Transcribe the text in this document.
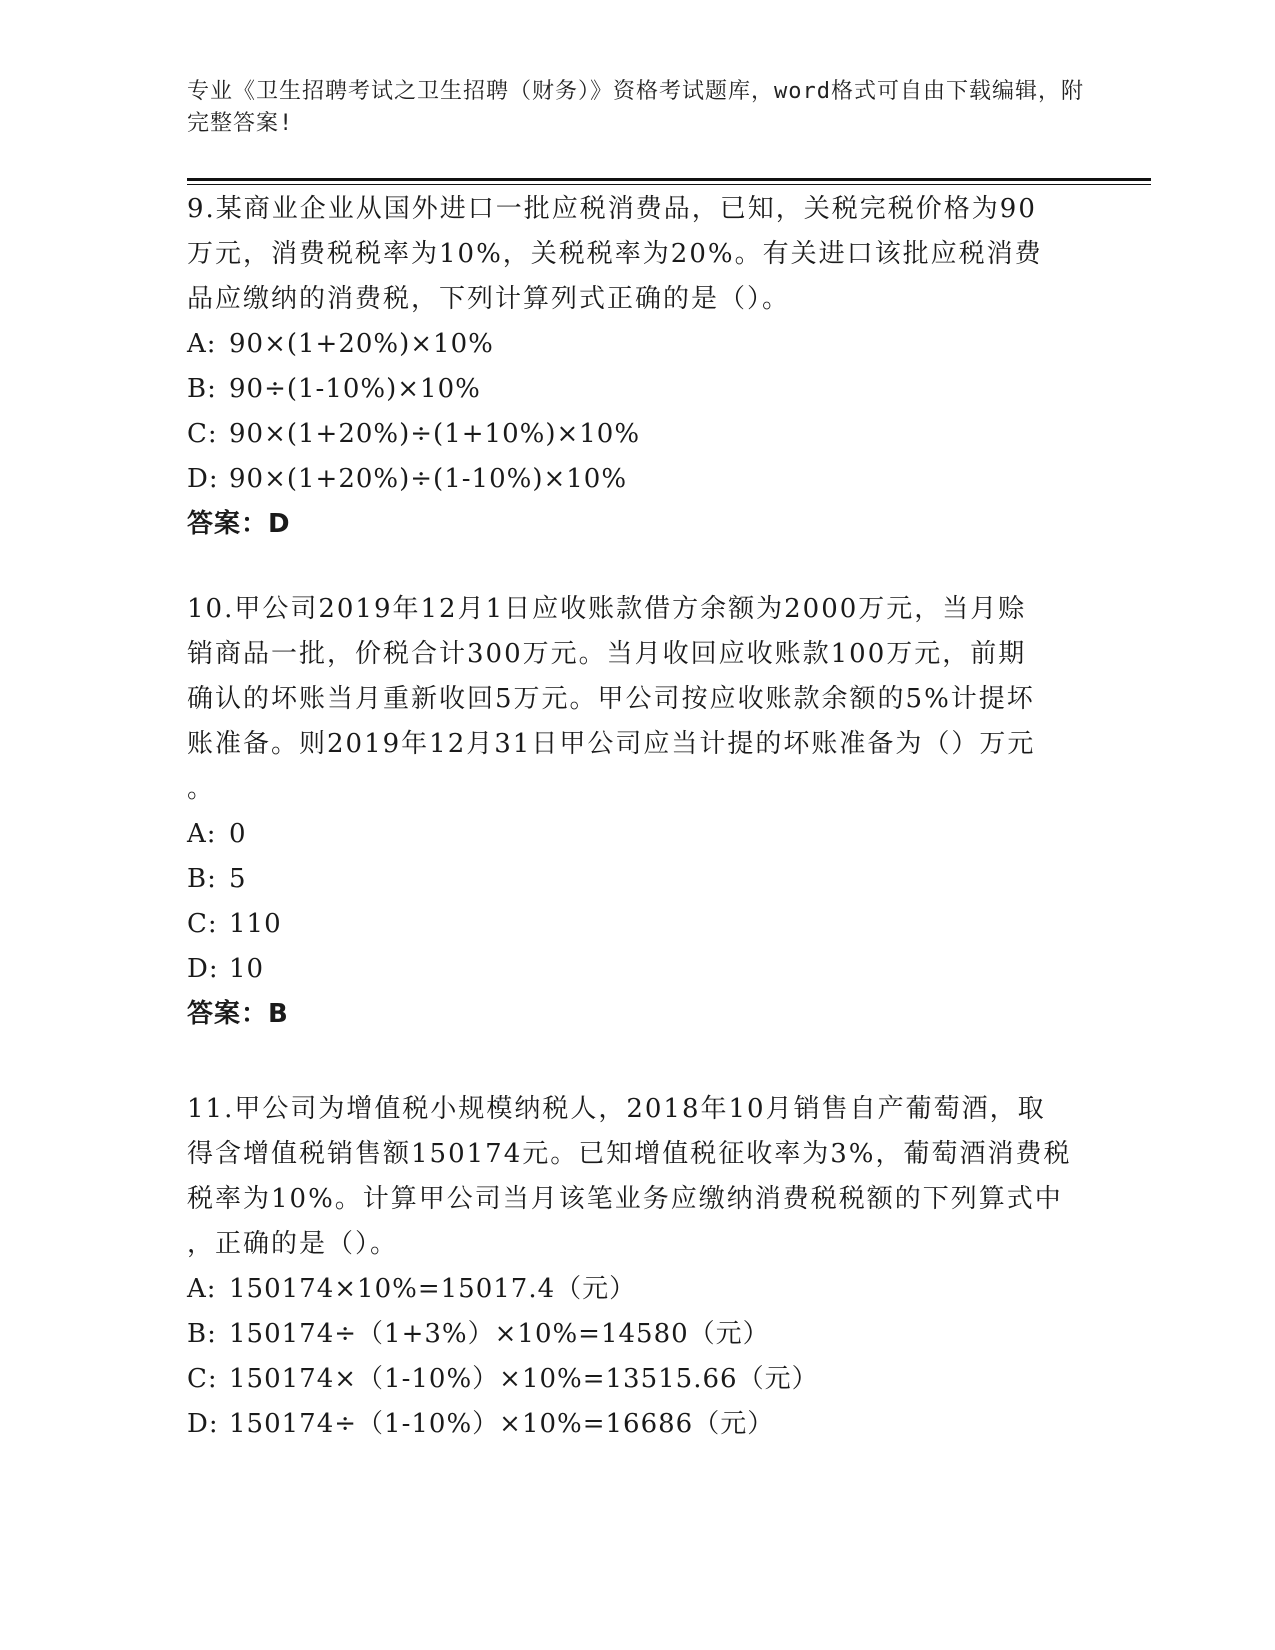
专业《卫生招聘考试之卫生招聘（财务）》资格考试题库，word格式可自由下载编辑，附完整答案!

9.某商业企业从国外进口一批应税消费品，已知，关税完税价格为90

万元，消费税税率为10%，关税税率为20%。有关进口该批应税消费

品应缴纳的消费税，下列计算列式正确的是（）。

A: 90×(1+20%)×10%

B: 90÷(1-10%)×10%

C: 90×(1+20%)÷(1+10%)×10%

D: 90×(1+20%)÷(1-10%)×10%

答案：D

10.甲公司2019年12月1日应收账款借方余额为2000万元，当月赊

销商品一批，价税合计300万元。当月收回应收账款100万元，前期

确认的坏账当月重新收回5万元。甲公司按应收账款余额的5%计提坏

账准备。则2019年12月31日甲公司应当计提的坏账准备为（）万元

。

A: 0

B: 5

C: 110

D: 10

答案：B

11.甲公司为增值税小规模纳税人，2018年10月销售自产葡萄酒，取

得含增值税销售额150174元。已知增值税征收率为3%，葡萄酒消费税

税率为10%。计算甲公司当月该笔业务应缴纳消费税税额的下列算式中

，正确的是（）。

A: 150174×10%=15017.4（元）

B: 150174÷（1+3%）×10%=14580（元）

C: 150174×（1-10%）×10%=13515.66（元）

D: 150174÷（1-10%）×10%=16686（元）
